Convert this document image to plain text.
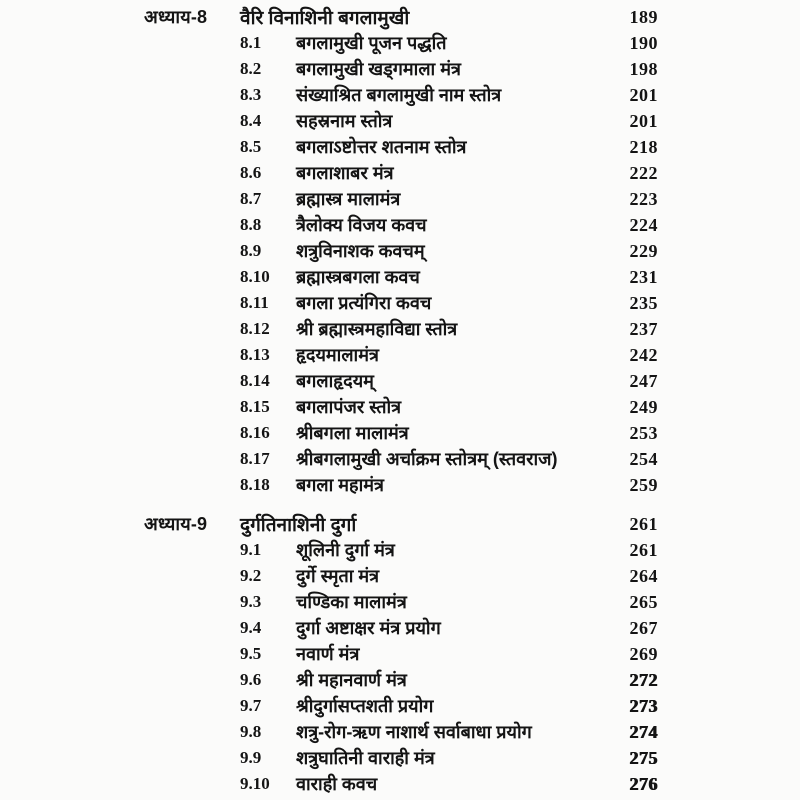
अध्याय-8	वैरि विनाशिनी बगलामुखी	189
8.1	बगलामुखी पूजन पद्धति	190
8.2	बगलामुखी खड्गमाला मंत्र	198
8.3	संख्याश्रित बगलामुखी नाम स्तोत्र	201
8.4	सहस्रनाम स्तोत्र	201
8.5	बगलाऽष्टोत्तर शतनाम स्तोत्र	218
8.6	बगलाशाबर मंत्र	222
8.7	ब्रह्मास्त्र मालामंत्र	223
8.8	त्रैलोक्य विजय कवच	224
8.9	शत्रुविनाशक कवचम्	229
8.10	ब्रह्मास्त्रबगला कवच	231
8.11	बगला प्रत्यंगिरा कवच	235
8.12	श्री ब्रह्मास्त्रमहाविद्या स्तोत्र	237
8.13	हृदयमालामंत्र	242
8.14	बगलाहृदयम्	247
8.15	बगलापंजर स्तोत्र	249
8.16	श्रीबगला मालामंत्र	253
8.17	श्रीबगलामुखी अर्चाक्रम स्तोत्रम् (स्तवराज)	254
8.18	बगला महामंत्र	259
अध्याय-9	दुर्गतिनाशिनी दुर्गा	261
9.1	शूलिनी दुर्गा मंत्र	261
9.2	दुर्गे स्मृता मंत्र	264
9.3	चण्डिका मालामंत्र	265
9.4	दुर्गा अष्टाक्षर मंत्र प्रयोग	267
9.5	नवार्ण मंत्र	269
9.6	श्री महानवार्ण मंत्र	272
9.7	श्रीदुर्गासप्तशती प्रयोग	273
9.8	शत्रु-रोग-ऋण नाशार्थ सर्वाबाधा प्रयोग	274
9.9	शत्रुघातिनी वाराही मंत्र	275
9.10	वाराही कवच	276
